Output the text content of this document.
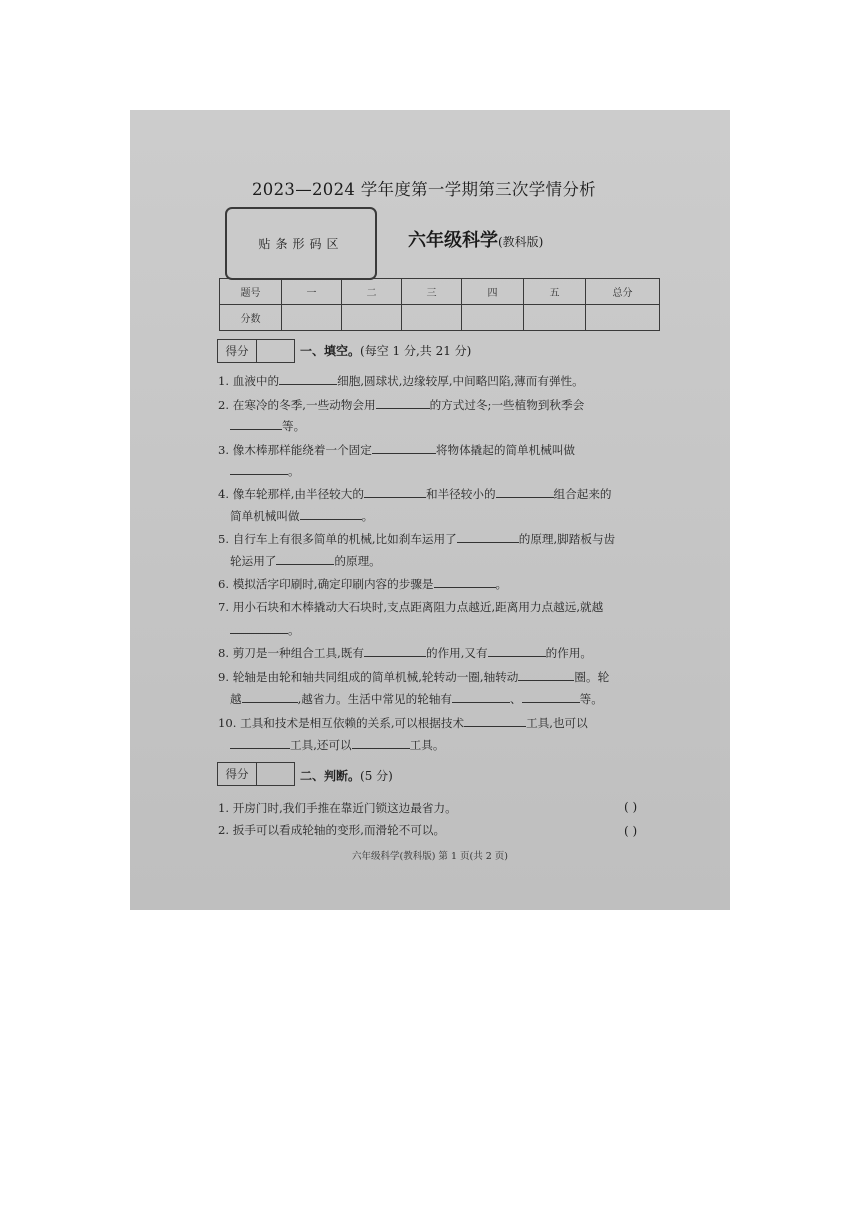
2023—2024 学年度第一学期第三次学情分析
贴条形码区	六年级科学(教科版)
题号	一	二	三	四	五	总分
分数						
得分	一、填空。(每空 1 分,共 21 分)
1. 血液中的	细胞,圆球状,边缘较厚,中间略凹陷,薄而有弹性。
2. 在寒冷的冬季,一些动物会用	的方式过冬;一些植物到秋季会
等。
3. 像木棒那样能绕着一个固定	将物体撬起的简单机械叫做
。
4. 像车轮那样,由半径较大的	和半径较小的	组合起来的
简单机械叫做	。
5. 自行车上有很多简单的机械,比如刹车运用了	的原理,脚踏板与齿
轮运用了	的原理。
6. 模拟活字印刷时,确定印刷内容的步骤是	。
7. 用小石块和木棒撬动大石块时,支点距离阻力点越近,距离用力点越远,就越
。
8. 剪刀是一种组合工具,既有	的作用,又有	的作用。
9. 轮轴是由轮和轴共同组成的简单机械,轮转动一圈,轴转动	圈。轮
越	,越省力。生活中常见的轮轴有	、	等。
10. 工具和技术是相互依赖的关系,可以根据技术	工具,也可以
工具,还可以	工具。
得分	二、判断。(5 分)
1. 开房门时,我们手推在靠近门锁这边最省力。	( )
2. 扳手可以看成轮轴的变形,而滑轮不可以。	( )
六年级科学(教科版) 第 1 页(共 2 页)
